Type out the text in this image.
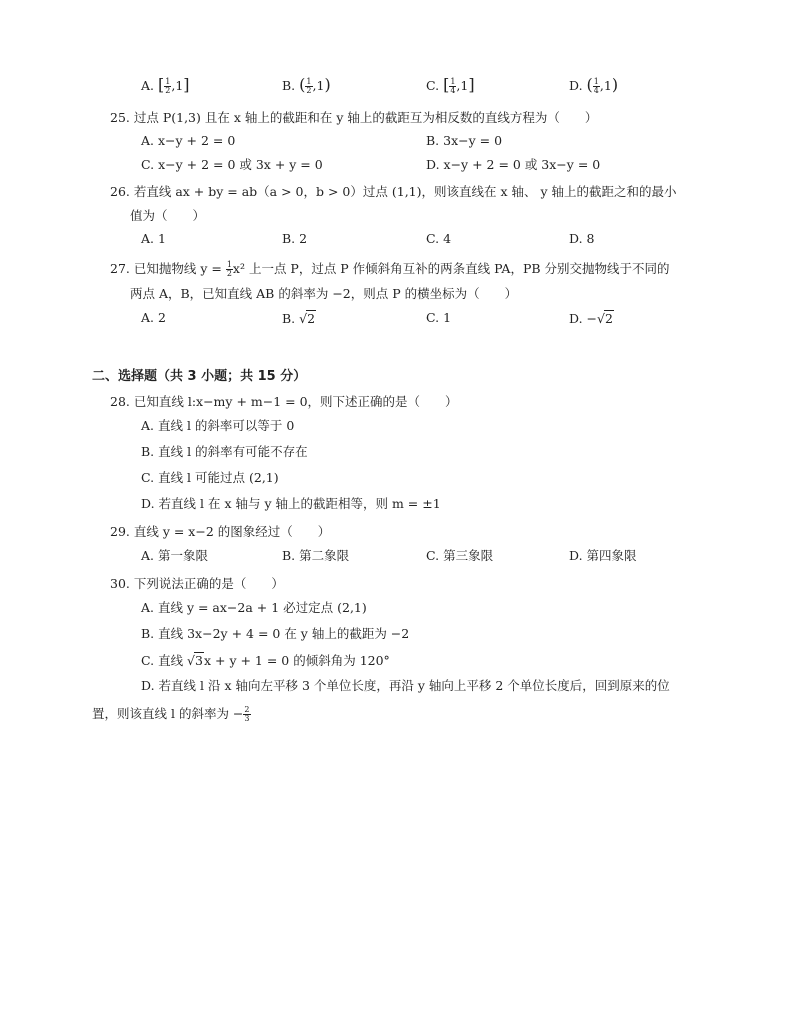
A. [ $\frac{1}{2} ,1$]	B. ( $\frac{1}{2} ,1$)	C. [ $\frac{1}{4} ,1$]	D. ( $\frac{1}{4} ,1$)
25. 过点 P(1,3) 且在 x 轴上的截距和在 y 轴上的截距互为相反数的直线方程为（　　）
A. x−y + 2 = 0	B. 3x−y = 0
C. x−y + 2 = 0 或 3x + y = 0	D. x−y + 2 = 0 或 3x−y = 0
26. 若直线 ax + by = ab（a > 0，b > 0）过点 (1,1)，则该直线在 x 轴、 y 轴上的截距之和的最小
值为（　　）
A. 1	B. 2	C. 4	D. 8
27. 已知抛物线 $y = \frac{1}{2} x^2$ 上一点 P，过点 P 作倾斜角互补的两条直线 PA，PB 分别交抛物线于不同的
两点 A，B，已知直线 AB 的斜率为 −2，则点 P 的横坐标为（　　）
A. 2	B. √2	C. 1	D. −√2
二、选择题（共 3 小题；共 15 分）
28. 已知直线 l:x−my + m−1 = 0，则下述正确的是（　　）
A. 直线 l 的斜率可以等于 0
B. 直线 l 的斜率有可能不存在
C. 直线 l 可能过点 (2,1)
D. 若直线 l 在 x 轴与 y 轴上的截距相等，则 m = ±1
29. 直线 y = x−2 的图象经过（　　）
A. 第一象限	B. 第二象限	C. 第三象限	D. 第四象限
30. 下列说法正确的是（　　）
A. 直线 y = ax−2a + 1 必过定点 (2,1)
B. 直线 3x−2y + 4 = 0 在 y 轴上的截距为 −2
C. 直线 √3x + y + 1 = 0 的倾斜角为 120°
D. 若直线 l 沿 x 轴向左平移 3 个单位长度，再沿 y 轴向上平移 2 个单位长度后，回到原来的位
置，则该直线 l 的斜率为 − $\frac{2}{3}$
